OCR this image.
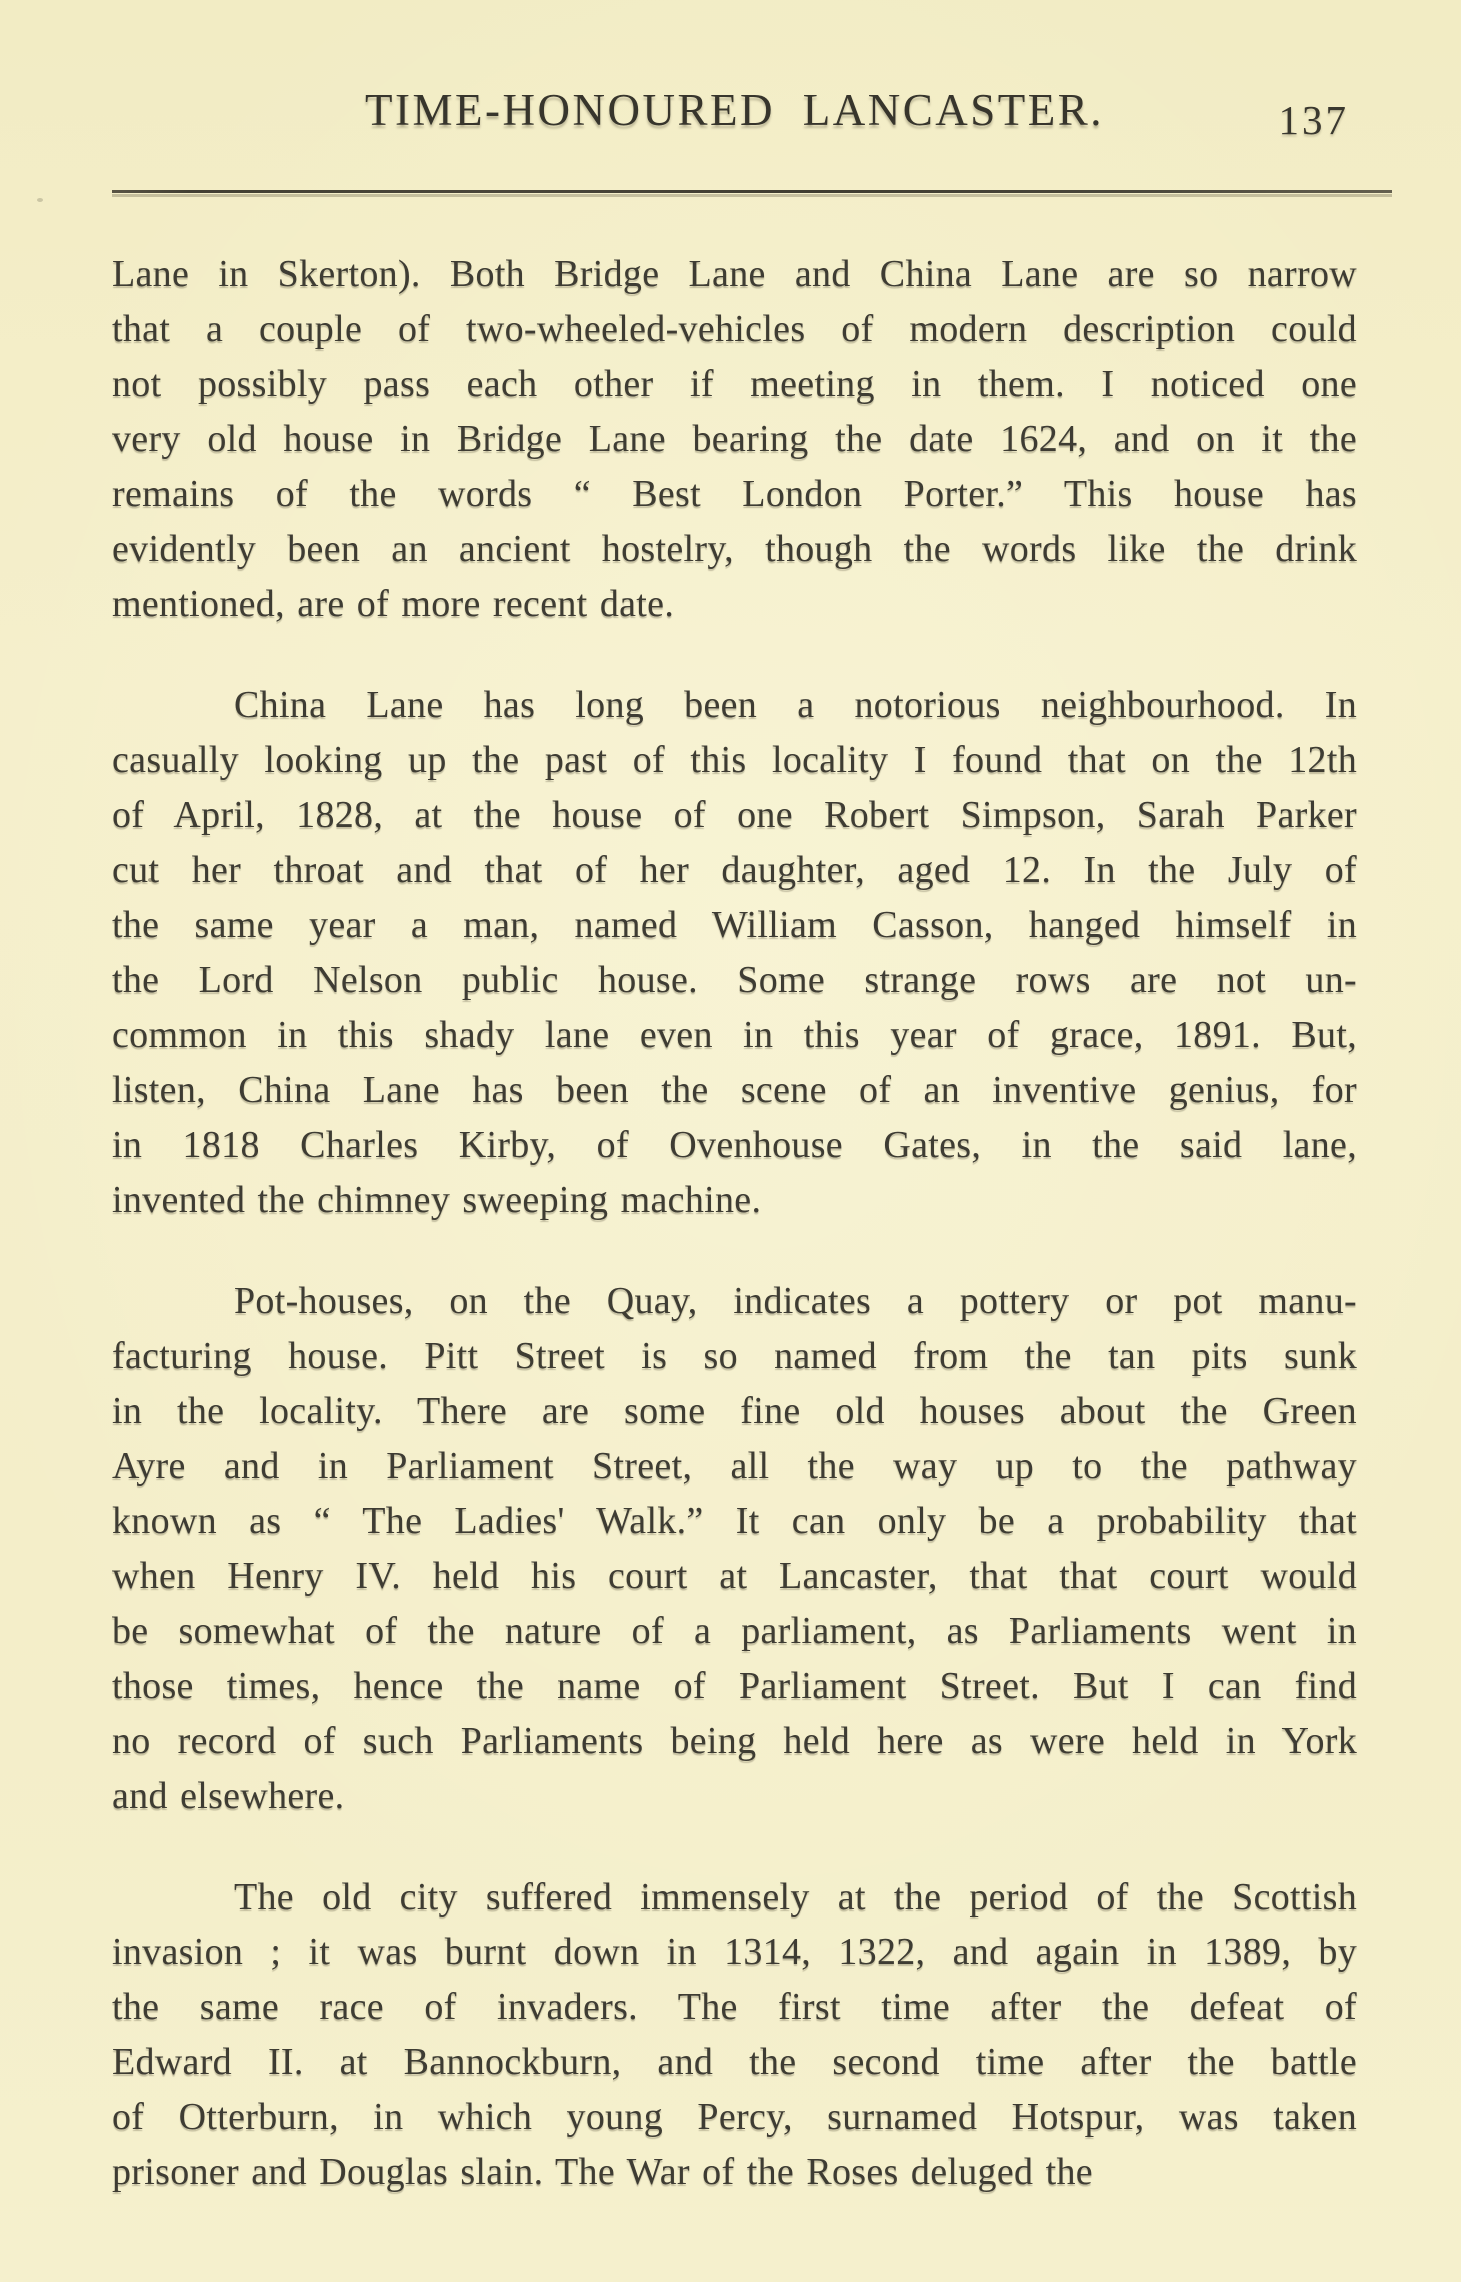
TIME-HONOURED LANCASTER.	137
Lane in Skerton). Both Bridge Lane and China Lane are so narrow
that a couple of two-wheeled-vehicles of modern description could
not possibly pass each other if meeting in them. I noticed one
very old house in Bridge Lane bearing the date 1624, and on it the
remains of the words “ Best London Porter.” This house has
evidently been an ancient hostelry, though the words like the drink
mentioned, are of more recent date.
China Lane has long been a notorious neighbourhood. In
casually looking up the past of this locality I found that on the 12th
of April, 1828, at the house of one Robert Simpson, Sarah Parker
cut her throat and that of her daughter, aged 12. In the July of
the same year a man, named William Casson, hanged himself in
the Lord Nelson public house. Some strange rows are not un-
common in this shady lane even in this year of grace, 1891. But,
listen, China Lane has been the scene of an inventive genius, for
in 1818 Charles Kirby, of Ovenhouse Gates, in the said lane,
invented the chimney sweeping machine.
Pot-houses, on the Quay, indicates a pottery or pot manu-
facturing house. Pitt Street is so named from the tan pits sunk
in the locality. There are some fine old houses about the Green
Ayre and in Parliament Street, all the way up to the pathway
known as “ The Ladies' Walk.” It can only be a probability that
when Henry IV. held his court at Lancaster, that that court would
be somewhat of the nature of a parliament, as Parliaments went in
those times, hence the name of Parliament Street. But I can find
no record of such Parliaments being held here as were held in York
and elsewhere.
The old city suffered immensely at the period of the Scottish
invasion ; it was burnt down in 1314, 1322, and again in 1389, by
the same race of invaders. The first time after the defeat of
Edward II. at Bannockburn, and the second time after the battle
of Otterburn, in which young Percy, surnamed Hotspur, was taken
prisoner and Douglas slain. The War of the Roses deluged the
